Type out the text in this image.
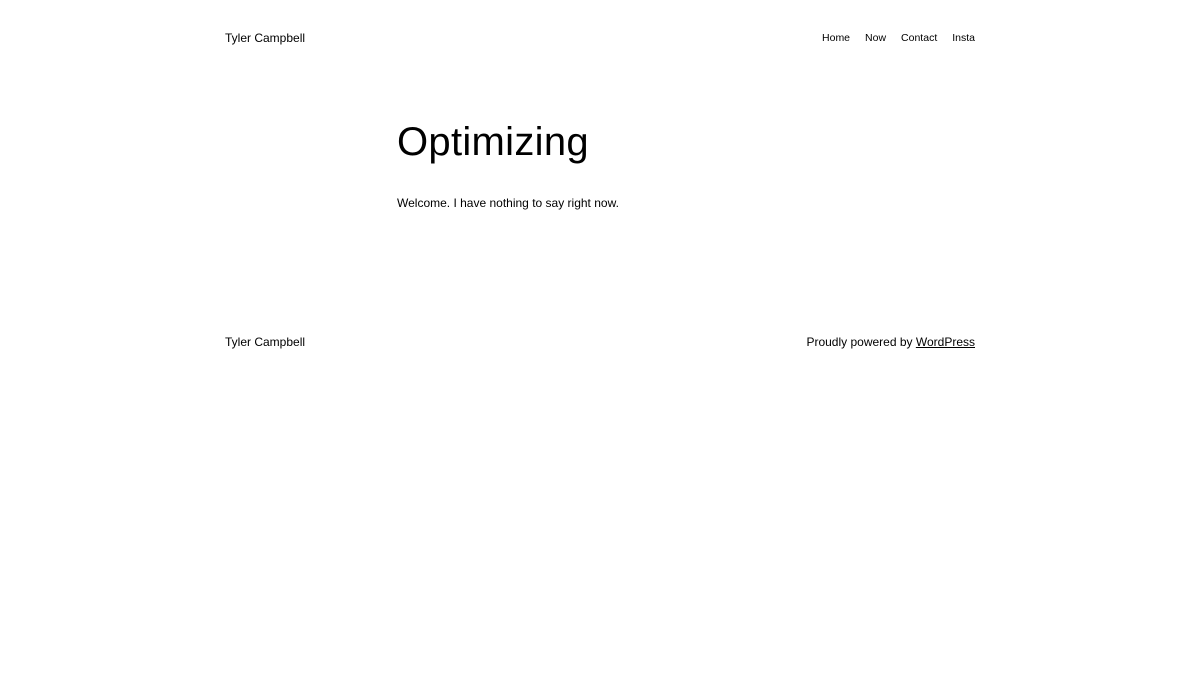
Tyler Campbell	Home Now Contact Insta
Optimizing

Welcome. I have nothing to say right now.

Tyler Campbell	Proudly powered by WordPress
